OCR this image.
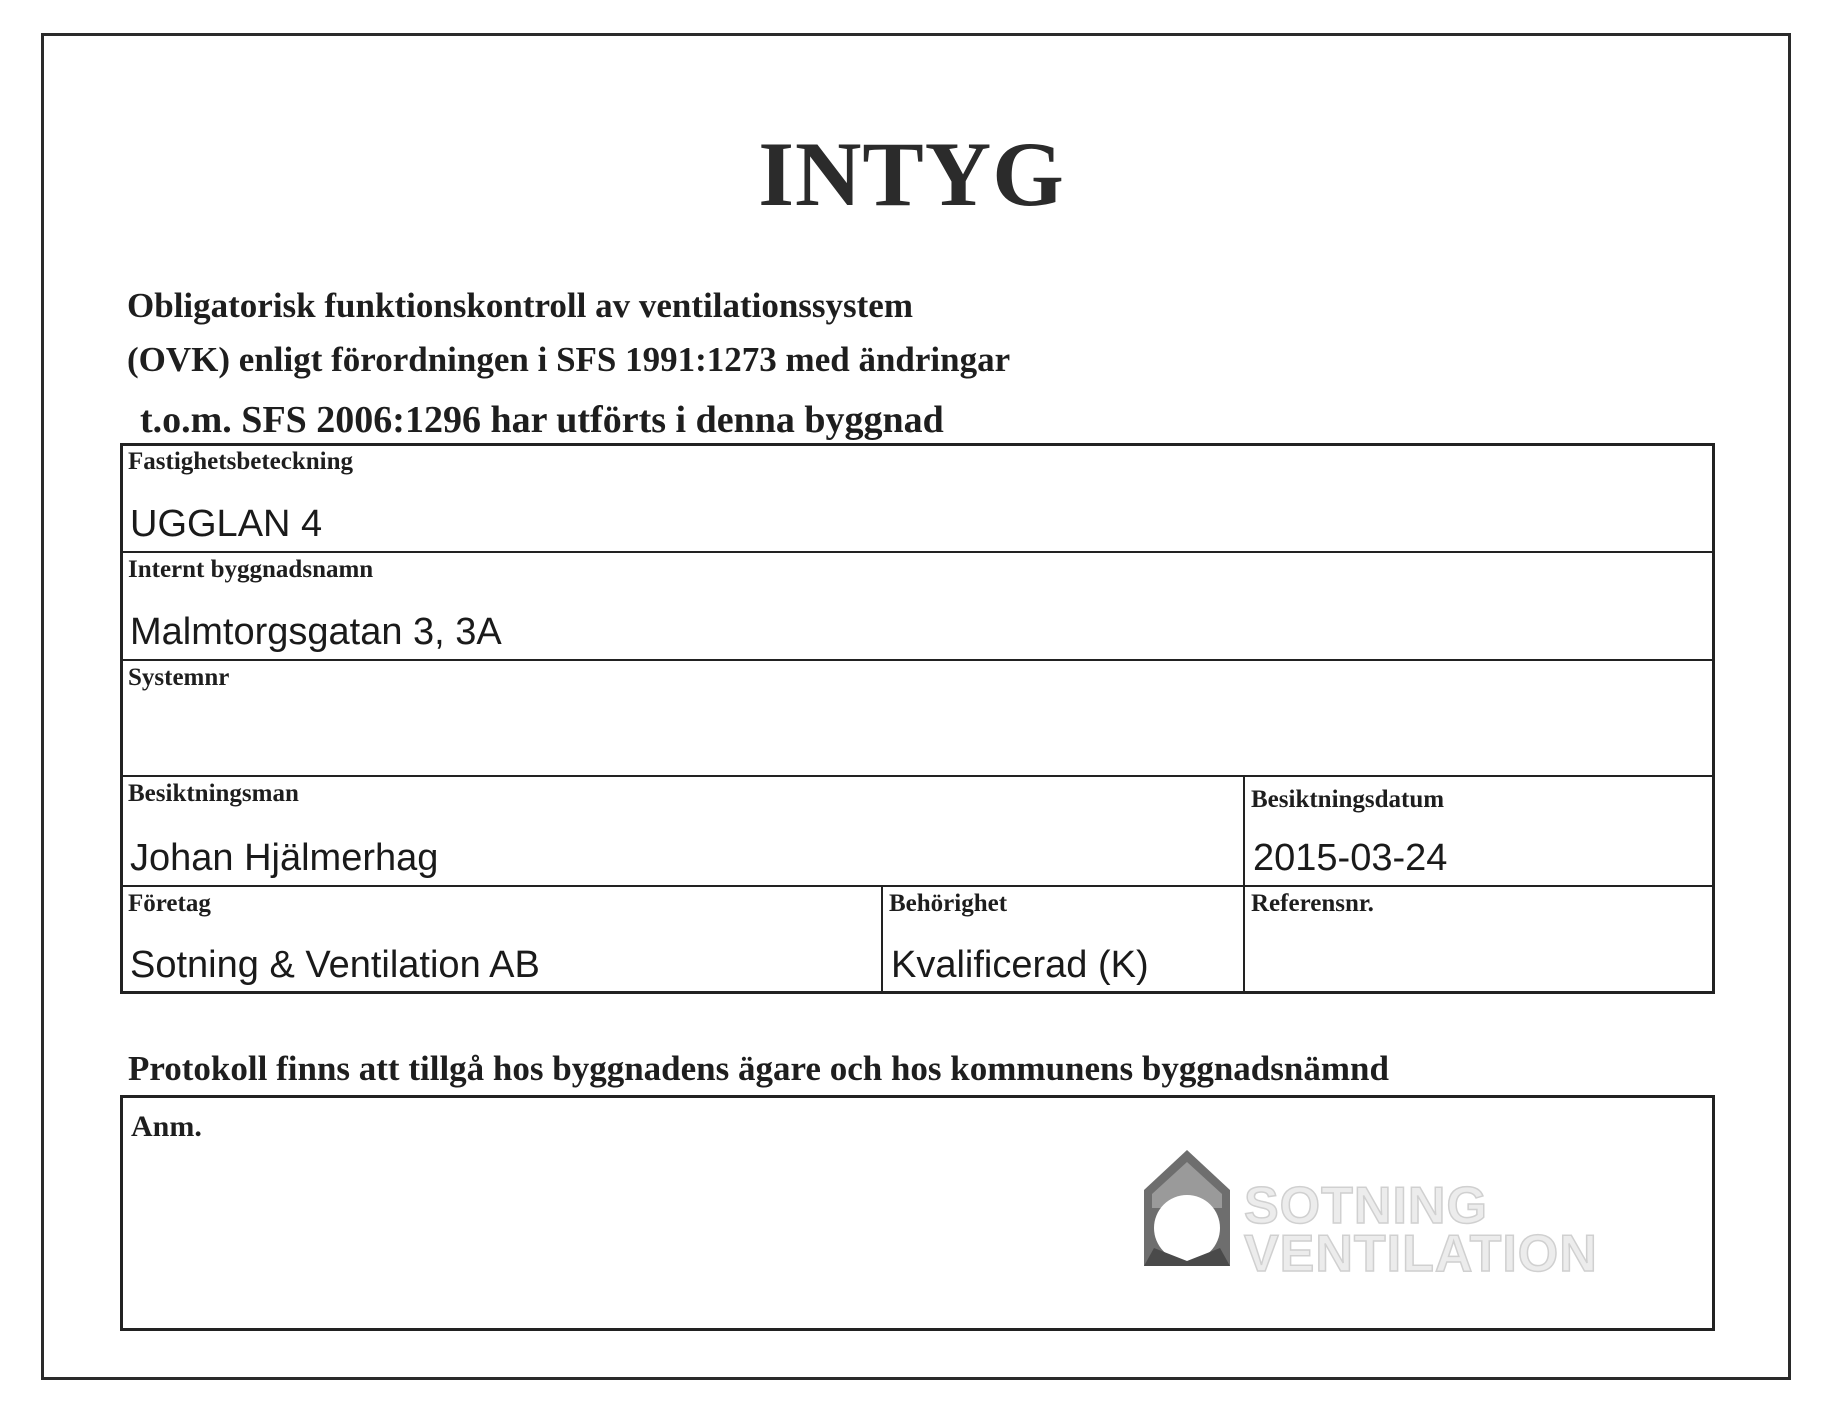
INTYG
Obligatorisk funktionskontroll av ventilationssystem
(OVK) enligt förordningen i SFS 1991:1273 med ändringar
t.o.m. SFS 2006:1296 har utförts i denna byggnad
Fastighetsbeteckning
UGGLAN 4
Internt byggnadsnamn
Malmtorgsgatan 3, 3A
Systemnr
Besiktningsman
Johan Hjälmerhag
Besiktningsdatum
2015-03-24
Företag
Sotning & Ventilation AB
Behörighet
Kvalificerad (K)
Referensnr.
Protokoll finns att tillgå hos byggnadens ägare och hos kommunens byggnadsnämnd
Anm.
SOTNING
VENTILATION
